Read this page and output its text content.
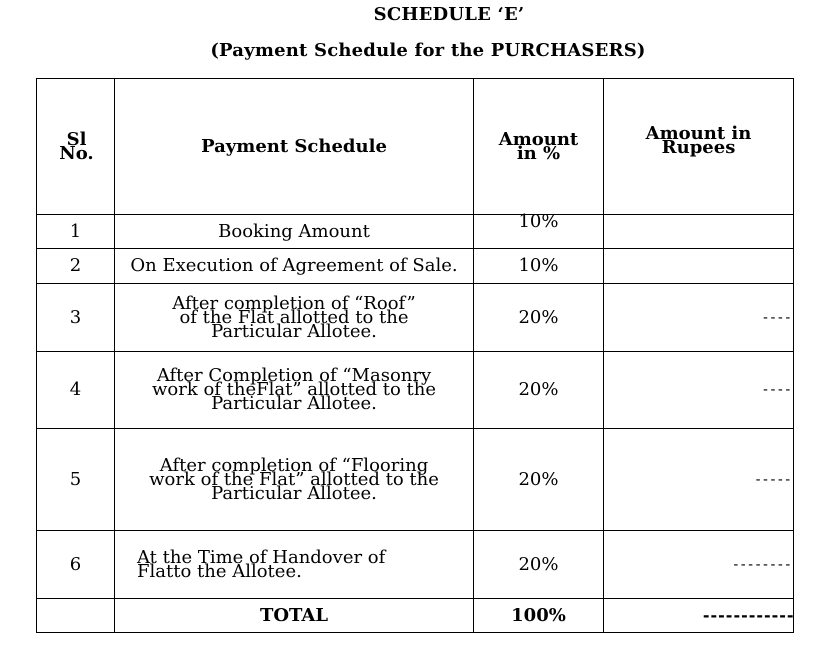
SCHEDULE ‘E’
(Payment Schedule for the PURCHASERS)
Sl No.	Payment Schedule	Amount in %	Amount in Rupees
1	Booking Amount	10%	
2	On Execution of Agreement of Sale.	10%	
3	After completion of “Roof” of the Flat allotted to the Particular Allotee.	20%	----
4	After Completion of “Masonry work of theFlat” allotted to the Particular Allotee.	20%	----
5	After completion of “Flooring work of the Flat” allotted to the Particular Allotee.	20%	-----
6	At the Time of Handover of Flatto the Allotee.	20%	--------
	TOTAL	100%	------------
